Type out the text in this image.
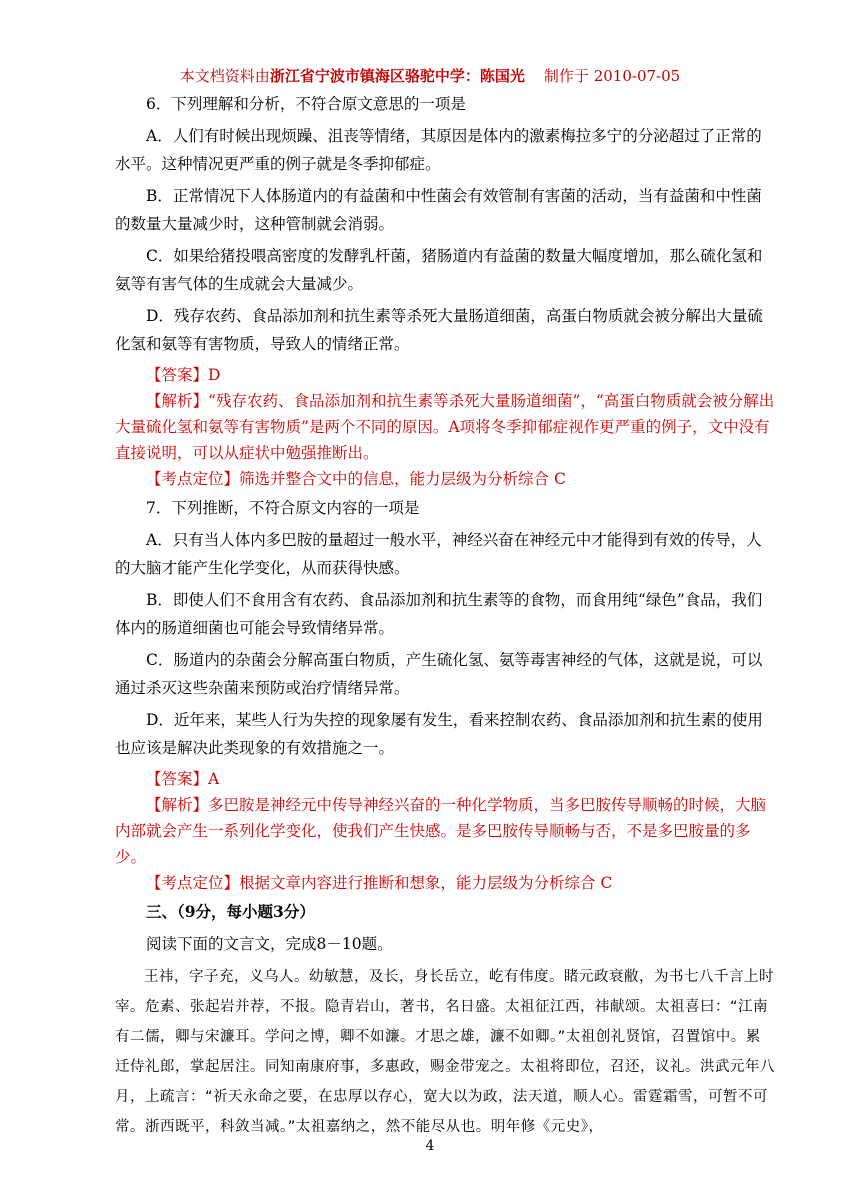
本文档资料由浙江省宁波市镇海区骆驼中学：陈国光 制作于 2010-07-05

6．下列理解和分析，不符合原文意思的一项是

A．人们有时候出现烦躁、沮丧等情绪，其原因是体内的激素梅拉多宁的分泌超过了正常的水平。这种情况更严重的例子就是冬季抑郁症。

B．正常情况下人体肠道内的有益菌和中性菌会有效管制有害菌的活动，当有益菌和中性菌的数量大量减少时，这种管制就会消弱。

C．如果给猪投喂高密度的发酵乳杆菌，猪肠道内有益菌的数量大幅度增加，那么硫化氢和氨等有害气体的生成就会大量减少。

D．残存农药、食品添加剂和抗生素等杀死大量肠道细菌，高蛋白物质就会被分解出大量硫化氢和氨等有害物质，导致人的情绪正常。

【答案】D

【解析】“残存农药、食品添加剂和抗生素等杀死大量肠道细菌”，“高蛋白物质就会被分解出大量硫化氢和氨等有害物质”是两个不同的原因。A项将冬季抑郁症视作更严重的例子，文中没有直接说明，可以从症状中勉强推断出。

【考点定位】筛选并整合文中的信息，能力层级为分析综合 C

7．下列推断，不符合原文内容的一项是

A．只有当人体内多巴胺的量超过一般水平，神经兴奋在神经元中才能得到有效的传导，人的大脑才能产生化学变化，从而获得快感。

B．即使人们不食用含有农药、食品添加剂和抗生素等的食物，而食用纯“绿色”食品，我们体内的肠道细菌也可能会导致情绪异常。

C．肠道内的杂菌会分解高蛋白物质，产生硫化氢、氨等毒害神经的气体，这就是说，可以通过杀灭这些杂菌来预防或治疗情绪异常。

D．近年来，某些人行为失控的现象屡有发生，看来控制农药、食品添加剂和抗生素的使用也应该是解决此类现象的有效措施之一。

【答案】A

【解析】多巴胺是神经元中传导神经兴奋的一种化学物质，当多巴胺传导顺畅的时候，大脑内部就会产生一系列化学变化，使我们产生快感。是多巴胺传导顺畅与否，不是多巴胺量的多少。

【考点定位】根据文章内容进行推断和想象，能力层级为分析综合 C

三、（9分，每小题3分）

阅读下面的文言文，完成8－10题。

王祎，字子充，义乌人。幼敏慧，及长，身长岳立，屹有伟度。睹元政衰敝，为书七八千言上时宰。危素、张起岩并荐，不报。隐青岩山，著书，名日盛。太祖征江西，祎献颂。太祖喜曰：“江南有二儒，卿与宋濂耳。学问之博，卿不如濂。才思之雄，濂不如卿。”太祖创礼贤馆，召置馆中。累迁侍礼郎，掌起居注。同知南康府事，多惠政，赐金带宠之。太祖将即位，召还，议礼。洪武元年八月，上疏言：“祈天永命之要，在忠厚以存心，宽大以为政，法天道，顺人心。雷霆霜雪，可暂不可常。浙西既平，科敛当减。”太祖嘉纳之，然不能尽从也。明年修《元史》，

4
